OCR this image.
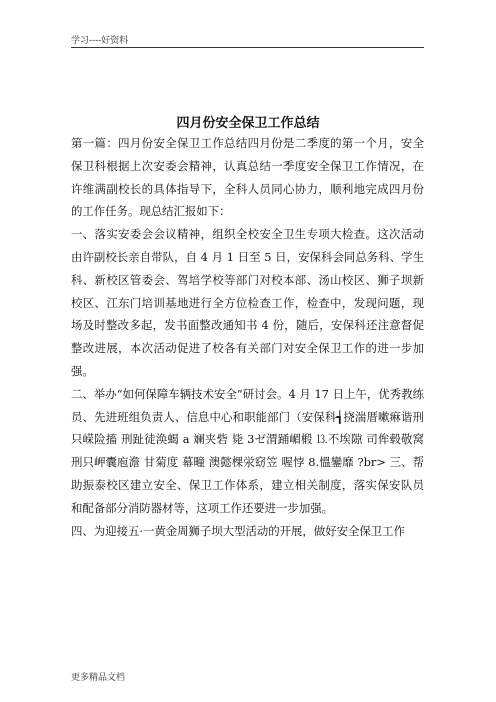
学习----好资料
四月份安全保卫工作总结

第一篇：四月份安全保卫工作总结四月份是二季度的第一个月，安全保卫科根据上次安委会精神，认真总结一季度安全保卫工作情况，在许维满副校长的具体指导下，全科人员同心协力，顺利地完成四月份的工作任务。现总结汇报如下：

一、落实安委会会议精神，组织全校安全卫生专项大检查。这次活动由许副校长亲自带队，自 4 月 1 日至 5 日，安保科会同总务科、学生科、新校区管委会、驾培学校等部门对校本部、汤山校区、狮子坝新校区、江东门培训基地进行全方位检查工作，检查中，发现问题，现场及时整改多起，发书面整改通知书 4 份，随后，安保科还注意督促整改进展，本次活动促进了校各有关部门对安全保卫工作的进一步加强。

二、举办“如何保障车辆技术安全”研讨会。4 月 17 日上午，优秀教练员、先进班组负责人、信息中心和职能部门（安保科┪挠湍厝嗽痳谐刑只嵘险搐 刑趾徒涣蝎 a 斓夹砦 毙 3ゼ渭踊嵋椴 ⒔不埃隙 司侔毂敬窝刑只岬囊庖澹 甘菊度 幕疃 澳懿棵泶窈笠 喔悖 8.慍鑾靡 ?br> 三、帮助振泰校区建立安全、保卫工作体系，建立相关制度，落实保安队员和配备部分消防器材等，这项工作还要进一步加强。

四、为迎接五·一黄金周狮子坝大型活动的开展，做好安全保卫工作

更多精品文档
